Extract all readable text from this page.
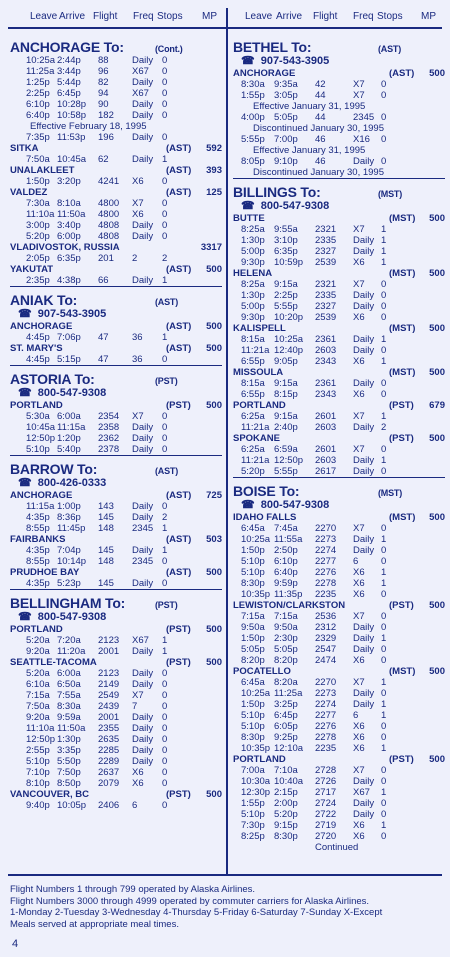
Leave Arrive Flight Freq Stops MP	Leave Arrive Flight Freq Stops MP
ANCHORAGE To:	(Cont.)
10:25a 2:44p 88 Daily 0
11:25a 3:44p 96 X67 0
1:25p 5:44p 82 Daily 0
2:25p 6:45p 94 X67 0
6:10p 10:28p 90 Daily 0
6:40p 10:58p 182 Daily 0
Effective February 18, 1995
7:35p 11:53p 196 Daily 0
SITKA	(AST) 592
7:50a 10:45a 62 Daily 1
UNALAKLEET	(AST) 393
1:50p 3:20p 4241 X6 0
VALDEZ	(AST) 125
7:30a 8:10a 4800 X7 0
11:10a 11:50a 4800 X6 0
3:00p 3:40p 4808 Daily 0
5:20p 6:00p 4808 Daily 0
VLADIVOSTOK, RUSSIA	3317
2:05p 6:35p 201 2	2
YAKUTAT	(AST) 500
2:35p 4:38p 66 Daily 1
ANIAK To:	(AST)
☎ 907-543-3905
ANCHORAGE	(AST) 500
4:45p 7:06p 47 36 1
ST. MARY'S	(AST) 500
4:45p 5:15p 47 36 0
ASTORIA To:	(PST)
☎ 800-547-9308
PORTLAND	(PST) 500
5:30a 6:00a 2354 X7 0
10:45a 11:15a 2358 Daily 0
12:50p 1:20p 2362 Daily 0
5:10p 5:40p 2378 Daily 0
BARROW To:	(AST)
☎ 800-426-0333
ANCHORAGE	(AST) 725
11:15a 1:00p 143 Daily 0
4:35p 8:36p 145 Daily 2
8:55p 11:45p 148 2345 1
FAIRBANKS	(AST) 503
4:35p 7:04p 145 Daily 1
8:55p 10:14p 148 2345 0
PRUDHOE BAY	(AST) 500
4:35p 5:23p 145 Daily 0
BELLINGHAM To:	(PST)
☎ 800-547-9308
PORTLAND	(PST) 500
5:20a 7:20a 2123 X67 1
9:20a 11:20a 2001 Daily 1
SEATTLE-TACOMA	(PST) 500
5:20a 6:00a 2123 Daily 0
6:10a 6:50a 2149 Daily 0
7:15a 7:55a 2549 X7 0
7:50a 8:30a 2439 7	0
9:20a 9:59a 2001 Daily 0
11:10a 11:50a 2355 Daily 0
12:50p 1:30p 2635 Daily 0
2:55p 3:35p 2285 Daily 0
5:10p 5:50p 2289 Daily 0
7:10p 7:50p 2637 X6 0
8:10p 8:50p 2079 X6 0
VANCOUVER, BC	(PST) 500
9:40p 10:05p 2406 6	0
BETHEL To:	(AST)
☎ 907-543-3905
ANCHORAGE	(AST) 500
8:30a 9:35a 42	X7 0
1:55p 3:05p 44	X7 0
Effective January 31, 1995
4:00p 5:05p 44	2345 0
Discontinued January 30, 1995
5:55p 7:00p 46	X16 0
Effective January 31, 1995
8:05p 9:10p 46	Daily 0
Discontinued January 30, 1995
BILLINGS To:	(MST)
☎ 800-547-9308
BUTTE	(MST) 500
8:25a 9:55a 2321 X7 1
1:30p 3:10p 2335 Daily 1
5:00p 6:35p 2327 Daily 1
9:30p 10:59p 2539 X6 1
HELENA	(MST) 500
8:25a 9:15a 2321 X7 0
1:30p 2:25p 2335 Daily 0
5:00p 5:55p 2327 Daily 0
9:30p 10:20p 2539 X6 0
KALISPELL	(MST) 500
8:15a 10:25a 2361 Daily 1
11:21a 12:40p 2603 Daily 0
6:55p 9:05p 2343 X6 1
MISSOULA	(MST) 500
8:15a 9:15a 2361 Daily 0
6:55p 8:15p 2343 X6 0
PORTLAND	(PST) 679
6:25a 9:15a 2601 X7 1
11:21a 2:40p 2603 Daily 2
SPOKANE	(PST) 500
6:25a 6:59a 2601 X7 0
11:21a 12:50p 2603 Daily 1
5:20p 5:55p 2617 Daily 0
BOISE To:	(MST)
☎ 800-547-9308
IDAHO FALLS	(MST) 500
6:45a 7:45a 2270 X7 0
10:25a 11:55a 2273 Daily 1
1:50p 2:50p 2274 Daily 0
5:10p 6:10p 2277 6 0
5:10p 6:40p 2276 X6 1
8:30p 9:59p 2278 X6 1
10:35p 11:35p 2235 X6 0
LEWISTON/CLARKSTON	(PST) 500
7:15a 7:15a 2536 X7 0
9:50a 9:50a 2312 Daily 0
1:50p 2:30p 2329 Daily 1
5:05p 5:05p 2547 Daily 0
8:20p 8:20p 2474 X6 0
POCATELLO	(MST) 500
6:45a 8:20a 2270 X7 1
10:25a 11:25a 2273 Daily 0
1:50p 3:25p 2274 Daily 1
5:10p 6:45p 2277 6 1
5:10p 6:05p 2276 X6 0
8:30p 9:25p 2278 X6 0
10:35p 12:10a 2235 X6 1
PORTLAND	(PST) 500
7:00a 7:10a 2728 X7 0
10:30a 10:40a 2726 Daily 0
12:30p 2:15p 2717 X67 1
1:55p 2:00p 2724 Daily 0
5:10p 5:20p 2722 Daily 0
7:30p 9:15p 2719 X6 1
8:25p 8:30p 2720 X6 0
Continued
Flight Numbers 1 through 799 operated by Alaska Airlines.
Flight Numbers 3000 through 4999 operated by commuter carriers for Alaska Airlines.
1-Monday 2-Tuesday 3-Wednesday 4-Thursday 5-Friday 6-Saturday 7-Sunday X-Except
Meals served at appropriate meal times.
4
